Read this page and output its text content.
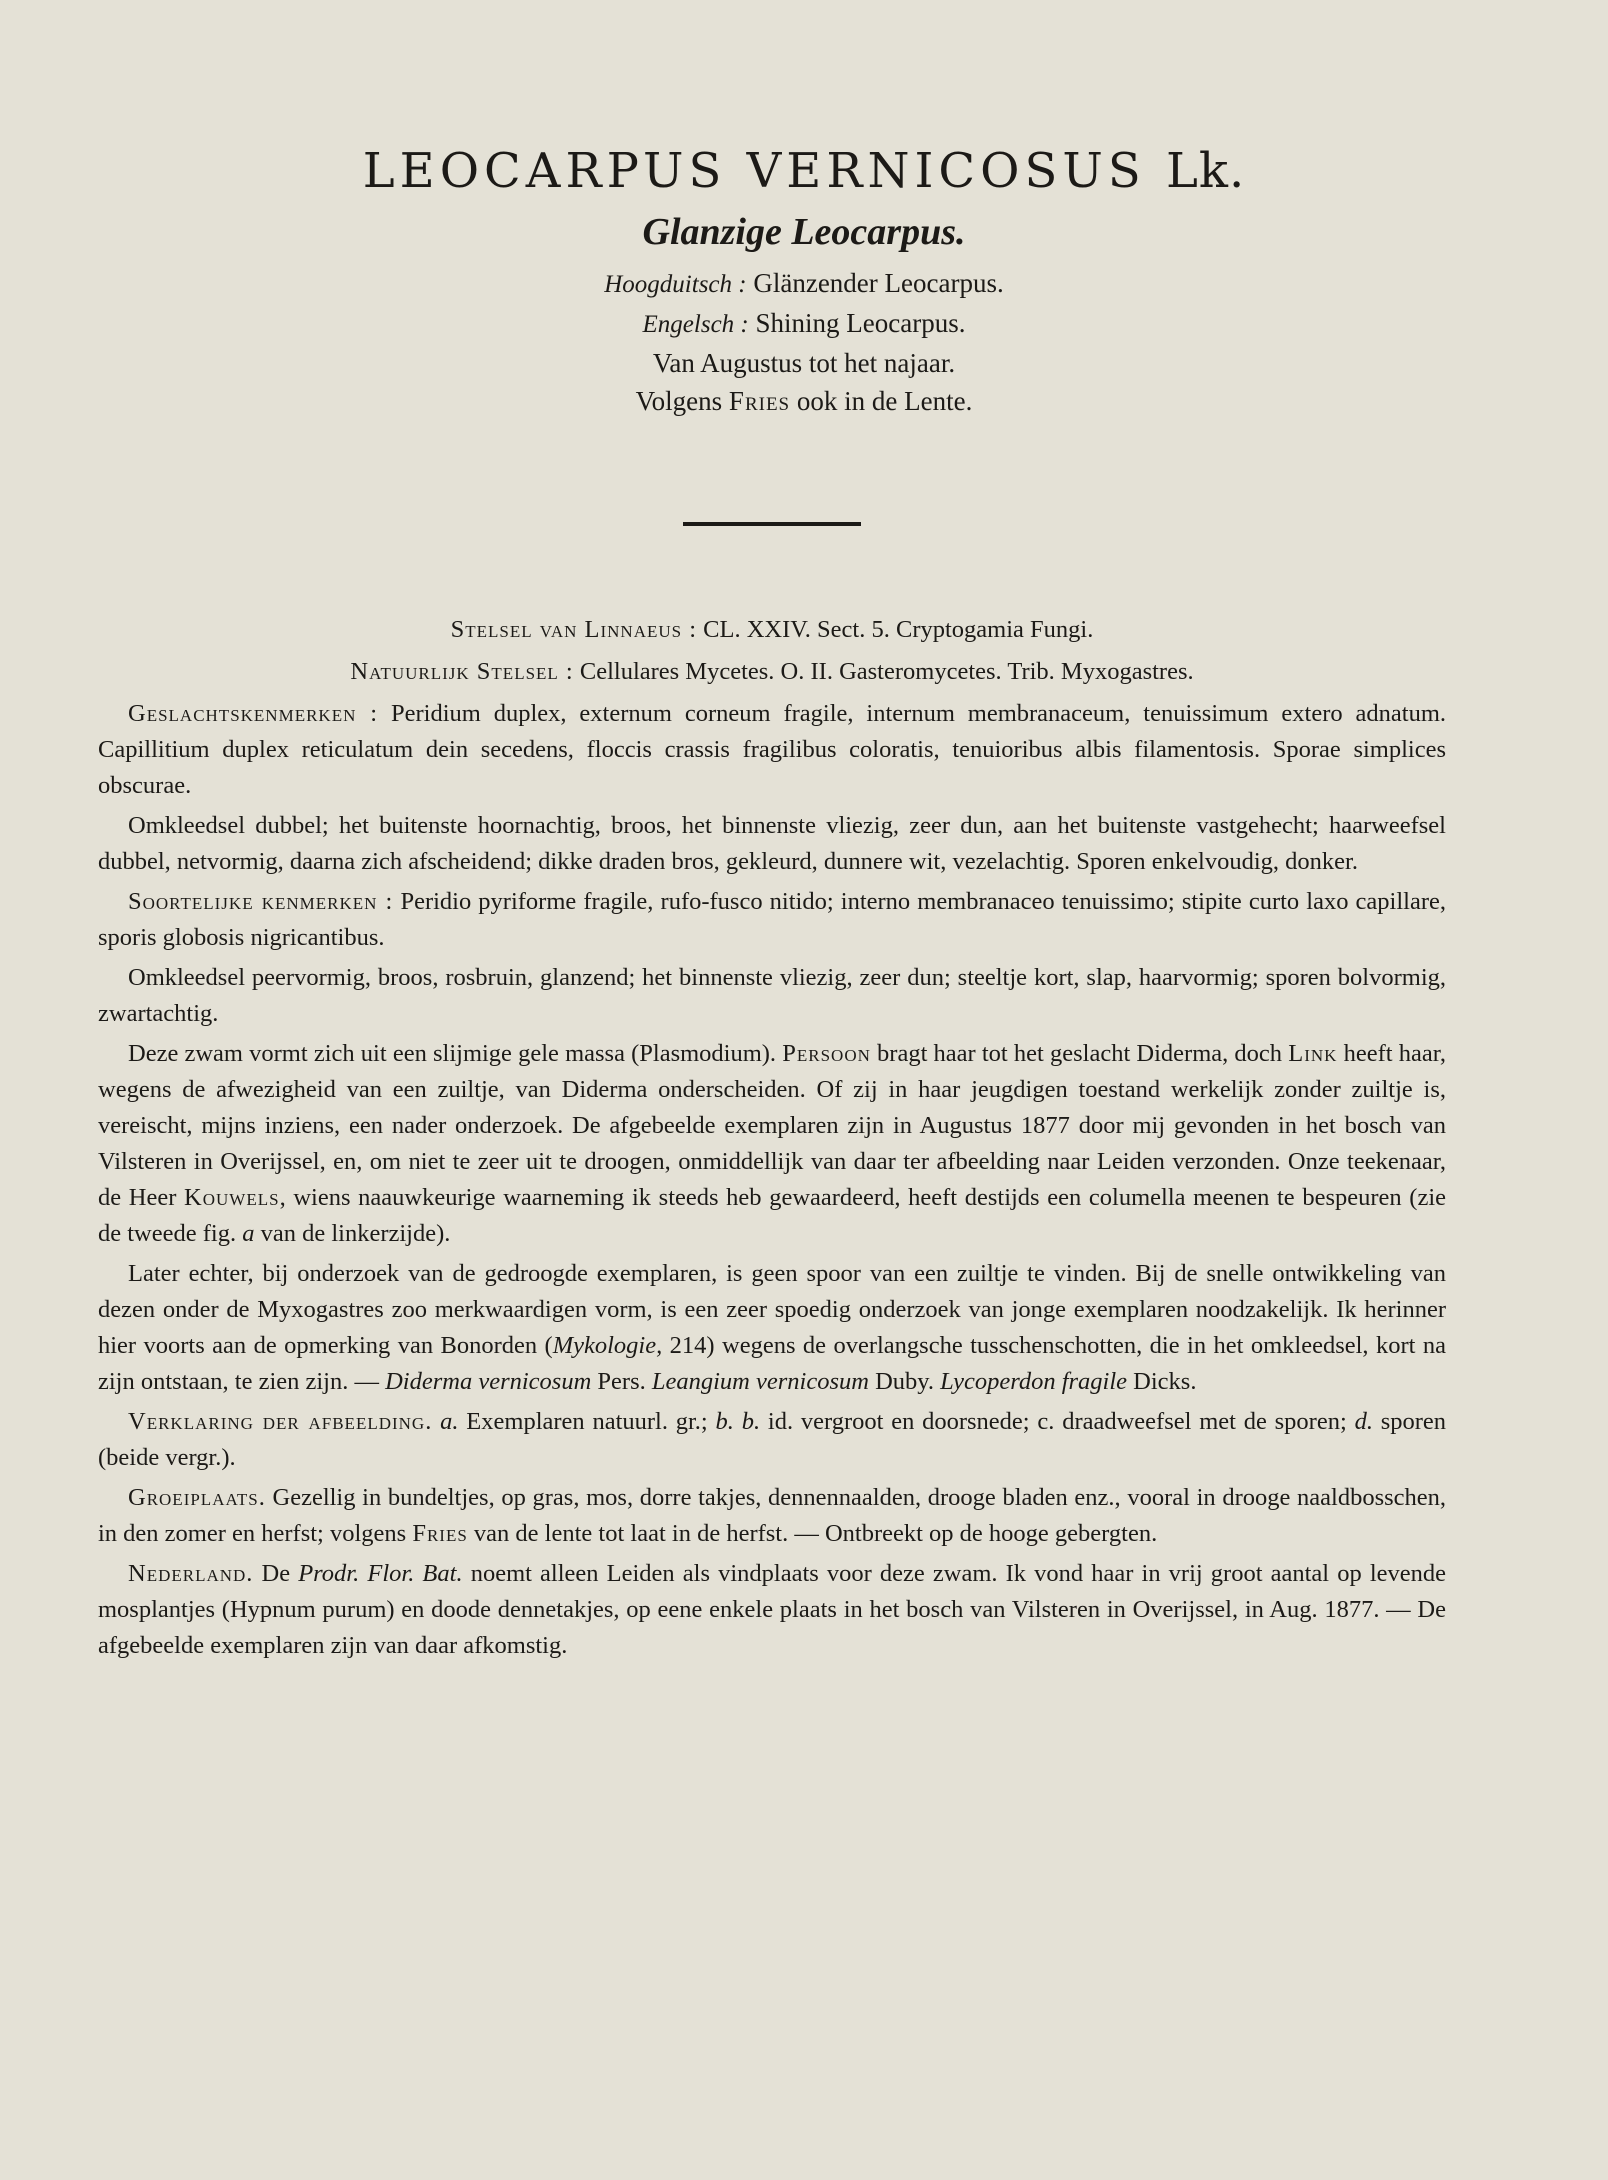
LEOCARPUS VERNICOSUS Lk.
Glanzige Leocarpus.

Hoogduitsch : Glänzender Leocarpus.

Engelsch : Shining Leocarpus.

Van Augustus tot het najaar.

Volgens Fries ook in de Lente.

Stelsel van Linnaeus : CL. XXIV. Sect. 5. Cryptogamia Fungi.

Natuurlijk Stelsel : Cellulares Mycetes. O. II. Gasteromycetes. Trib. Myxogastres.

Geslachtskenmerken : Peridium duplex, externum corneum fragile, internum membranaceum, tenuissimum extero adnatum. Capillitium duplex reticulatum dein secedens, floccis crassis fragilibus coloratis, tenuioribus albis filamentosis. Sporae simplices obscurae.

Omkleedsel dubbel; het buitenste hoornachtig, broos, het binnenste vliezig, zeer dun, aan het buitenste vastgehecht; haarweefsel dubbel, netvormig, daarna zich afscheidend; dikke draden bros, gekleurd, dunnere wit, vezelachtig. Sporen enkelvoudig, donker.

Soortelijke kenmerken : Peridio pyriforme fragile, rufo-fusco nitido; interno membranaceo tenuissimo; stipite curto laxo capillare, sporis globosis nigricantibus.

Omkleedsel peervormig, broos, rosbruin, glanzend; het binnenste vliezig, zeer dun; steeltje kort, slap, haarvormig; sporen bolvormig, zwartachtig.

Deze zwam vormt zich uit een slijmige gele massa (Plasmodium). Persoon bragt haar tot het geslacht Diderma, doch Link heeft haar, wegens de afwezigheid van een zuiltje, van Diderma onderscheiden. Of zij in haar jeugdigen toestand werkelijk zonder zuiltje is, vereischt, mijns inziens, een nader onderzoek. De afgebeelde exemplaren zijn in Augustus 1877 door mij gevonden in het bosch van Vilsteren in Overijssel, en, om niet te zeer uit te droogen, onmiddellijk van daar ter afbeelding naar Leiden verzonden. Onze teekenaar, de Heer Kouwels, wiens naauwkeurige waarneming ik steeds heb gewaardeerd, heeft destijds een columella meenen te bespeuren (zie de tweede fig. a van de linkerzijde).

Later echter, bij onderzoek van de gedroogde exemplaren, is geen spoor van een zuiltje te vinden. Bij de snelle ontwikkeling van dezen onder de Myxogastres zoo merkwaardigen vorm, is een zeer spoedig onderzoek van jonge exemplaren noodzakelijk. Ik herinner hier voorts aan de opmerking van Bonorden (Mykologie, 214) wegens de overlangsche tusschenschotten, die in het omkleedsel, kort na zijn ontstaan, te zien zijn. — Diderma vernicosum Pers. Leangium vernicosum Duby. Lycoperdon fragile Dicks.

Verklaring der afbeelding. a. Exemplaren natuurl. gr.; b. b. id. vergroot en doorsnede; c. draadweefsel met de sporen; d. sporen (beide vergr.).

Groeiplaats. Gezellig in bundeltjes, op gras, mos, dorre takjes, dennennaalden, drooge bladen enz., vooral in drooge naaldbosschen, in den zomer en herfst; volgens Fries van de lente tot laat in de herfst. — Ontbreekt op de hooge gebergten.

Nederland. De Prodr. Flor. Bat. noemt alleen Leiden als vindplaats voor deze zwam. Ik vond haar in vrij groot aantal op levende mosplantjes (Hypnum purum) en doode dennetakjes, op eene enkele plaats in het bosch van Vilsteren in Overijssel, in Aug. 1877. — De afgebeelde exemplaren zijn van daar afkomstig.
